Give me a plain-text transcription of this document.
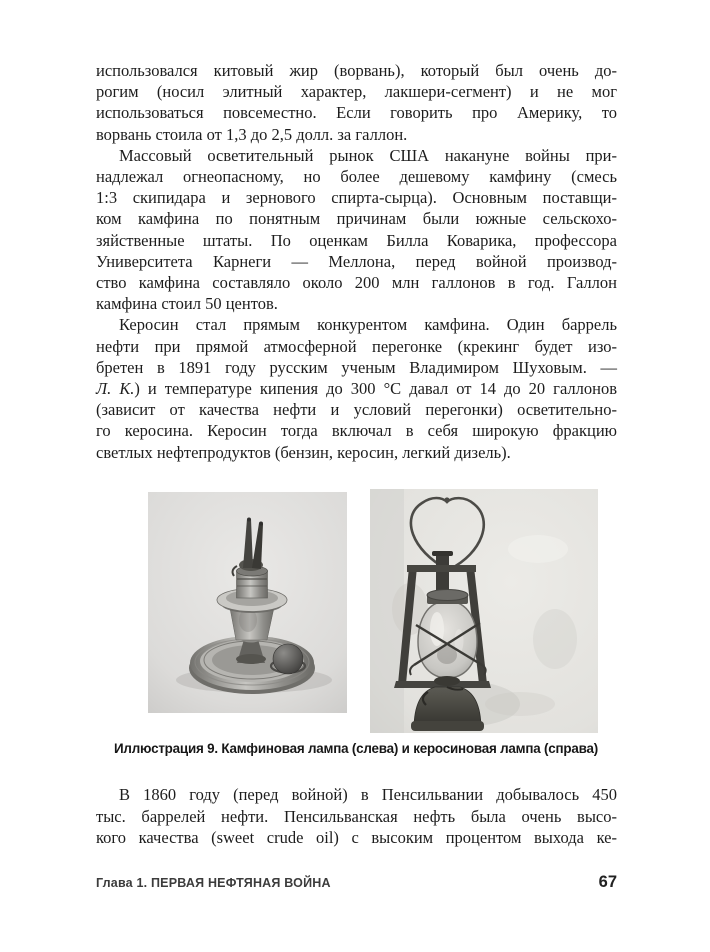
использовался китовый жир (ворвань), который был очень до-
рогим (носил элитный характер, лакшери-сегмент) и не мог
использоваться повсеместно. Если говорить про Америку, то
ворвань стоила от 1,3 до 2,5 долл. за галлон.
Массовый осветительный рынок США накануне войны при-
надлежал огнеопасному, но более дешевому камфину (смесь
1:3 скипидара и зернового спирта-сырца). Основным поставщи-
ком камфина по понятным причинам были южные сельскохо-
зяйственные штаты. По оценкам Билла Коварика, профессора
Университета Карнеги — Меллона, перед войной производ-
ство камфина составляло около 200 млн галлонов в год. Галлон
камфина стоил 50 центов.
Керосин стал прямым конкурентом камфина. Один баррель
нефти при прямой атмосферной перегонке (крекинг будет изо-
бретен в 1891 году русским ученым Владимиром Шуховым. —
Л. К.) и температуре кипения до 300 °С давал от 14 до 20 галлонов
(зависит от качества нефти и условий перегонки) осветительно-
го керосина. Керосин тогда включал в себя широкую фракцию
светлых нефтепродуктов (бензин, керосин, легкий дизель).
Иллюстрация 9. Камфиновая лампа (слева) и керосиновая лампа (справа)
В 1860 году (перед войной) в Пенсильвании добывалось 450
тыс. баррелей нефти. Пенсильванская нефть была очень высо-
кого качества (sweet crude oil) с высоким процентом выхода ке-
Глава 1. ПЕРВАЯ НЕФТЯНАЯ ВОЙНА	67
